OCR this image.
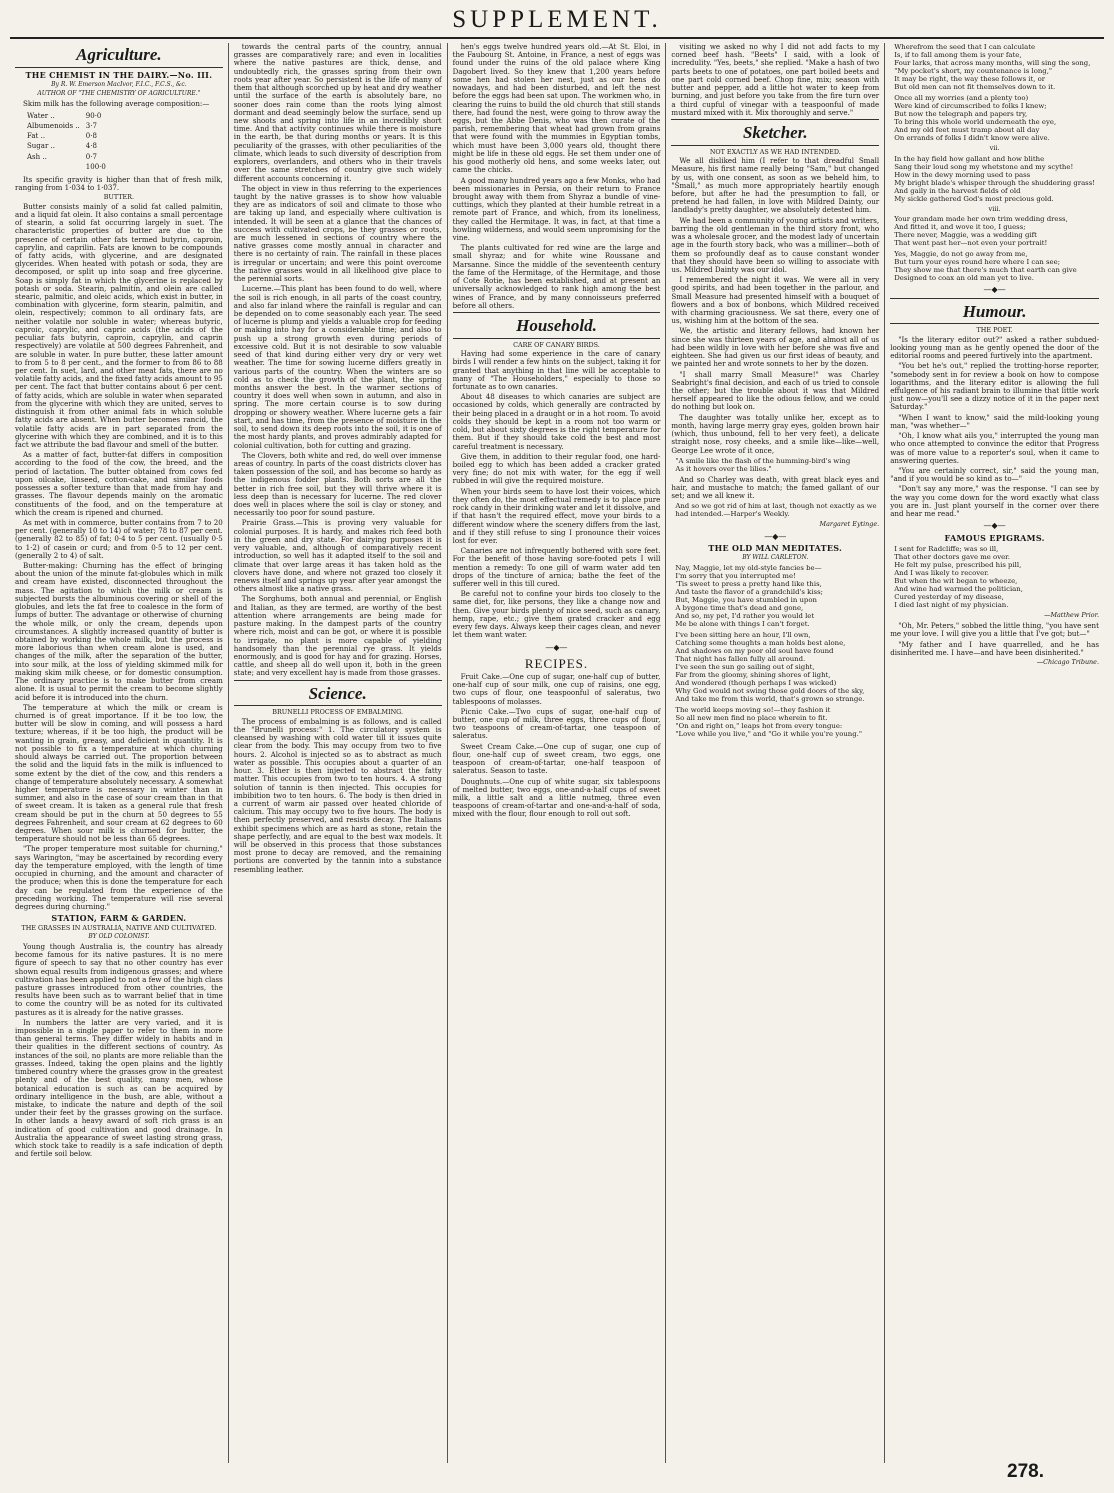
SUPPLEMENT.
Agriculture.
THE CHEMIST IN THE DAIRY.—No. III.
By R. W. Emerson MacIvor, F.I.C., F.C.S., &c.
AUTHOR OF "THE CHEMISTRY OF AGRICULTURE."

Skim milk has the following average composition:—

Water ..	90·0
Albumenoids ..	3·7
Fat ..	0·8
Sugar ..	4·8
Ash ..	0·7
	100·0

Its specific gravity is higher than that of fresh milk, ranging from 1·034 to 1·037.

BUTTER.

Butter consists mainly of a solid fat called palmitin, and a liquid fat olein. It also contains a small percentage of stearin, a solid fat occurring largely in suet. The characteristic properties of butter are due to the presence of certain other fats termed butyrin, caproin, caprylin, and caprilin. Fats are known to be compounds of fatty acids, with glycerine, and are designated glycerides. When heated with potash or soda, they are decomposed, or split up into soap and free glycerine. Soap is simply fat in which the glycerine is replaced by potash or soda. Stearin, palmitin, and olein are called stearic, palmitic, and oleic acids, which exist in butter, in combination with glycerine, form stearin, palmitin, and olein, respectively; common to all ordinary fats, are neither volatile nor soluble in water; whereas butyric, caproic, caprylic, and capric acids (the acids of the peculiar fats butyrin, caproin, caprylin, and caprin respectively) are volatile at 500 degrees Fahrenheit, and are soluble in water. In pure butter, these latter amount to from 5 to 8 per cent., and the former to from 86 to 88 per cent. In suet, lard, and other meat fats, there are no volatile fatty acids, and the fixed fatty acids amount to 95 per cent. The fact that butter contains about 6 per cent. of fatty acids, which are soluble in water when separated from the glycerine with which they are united, serves to distinguish it from other animal fats in which soluble fatty acids are absent. When butter becomes rancid, the volatile fatty acids are in part separated from the glycerine with which they are combined, and it is to this fact we attribute the bad flavour and smell of the butter.

As a matter of fact, butter-fat differs in composition according to the food of the cow, the breed, and the period of lactation. The butter obtained from cows fed upon oilcake, linseed, cotton-cake, and similar foods possesses a softer texture than that made from hay and grasses. The flavour depends mainly on the aromatic constituents of the food, and on the temperature at which the cream is ripened and churned.

As met with in commerce, butter contains from 7 to 20 per cent. (generally 10 to 14) of water; 78 to 87 per cent. (generally 82 to 85) of fat; 0·4 to 5 per cent. (usually 0·5 to 1·2) of casein or curd; and from 0·5 to 12 per cent. (generally 2 to 4) of salt.

Butter-making: Churning has the effect of bringing about the union of the minute fat-globules which in milk and cream have existed, disconnected throughout the mass. The agitation to which the milk or cream is subjected bursts the albuminous covering or shell of the globules, and lets the fat free to coalesce in the form of lumps of butter. The advantage or otherwise of churning the whole milk, or only the cream, depends upon circumstances. A slightly increased quantity of butter is obtained by working the whole milk, but the process is more laborious than when cream alone is used, and changes of the milk, after the separation of the butter, into sour milk, at the loss of yielding skimmed milk for making skim milk cheese, or for domestic consumption. The ordinary practice is to make butter from cream alone. It is usual to permit the cream to become slightly acid before it is introduced into the churn.

The temperature at which the milk or cream is churned is of great importance. If it be too low, the butter will be slow in coming, and will possess a hard texture; whereas, if it be too high, the product will be wanting in grain, greasy, and deficient in quantity. It is not possible to fix a temperature at which churning should always be carried out. The proportion between the solid and the liquid fats in the milk is influenced to some extent by the diet of the cow, and this renders a change of temperature absolutely necessary. A somewhat higher temperature is necessary in winter than in summer, and also in the case of sour cream than in that of sweet cream. It is taken as a general rule that fresh cream should be put in the churn at 50 degrees to 55 degrees Fahrenheit, and sour cream at 62 degrees to 60 degrees. When sour milk is churned for butter, the temperature should not be less than 65 degrees.

"The proper temperature most suitable for churning," says Warington, "may be ascertained by recording every day the temperature employed, with the length of time occupied in churning, and the amount and character of the produce; when this is done the temperature for each day can be regulated from the experience of the preceding working. The temperature will rise several degrees during churning."

STATION, FARM & GARDEN.
THE GRASSES IN AUSTRALIA, NATIVE AND CULTIVATED.
BY OLD COLONIST.

Young though Australia is, the country has already become famous for its native pastures. It is no mere figure of speech to say that no other country has ever shown equal results from indigenous grasses; and where cultivation has been applied to not a few of the high class pasture grasses introduced from other countries, the results have been such as to warrant belief that in time to come the country will be as noted for its cultivated pastures as it is already for the native grasses.

In numbers the latter are very varied, and it is impossible in a single paper to refer to them in more than general terms. They differ widely in habits and in their qualities in the different sections of country. As instances of the soil, no plants are more reliable than the grasses. Indeed, taking the open plains and the lightly timbered country where the grasses grow in the greatest plenty and of the best quality, many men, whose botanical education is such as can be acquired by ordinary intelligence in the bush, are able, without a mistake, to indicate the nature and depth of the soil under their feet by the grasses growing on the surface. In other lands a heavy award of soft rich grass is an indication of good cultivation and good drainage. In Australia the appearance of sweet lasting strong grass, which stock take to readily is a safe indication of depth and fertile soil below.

towards the central parts of the country, annual grasses are comparatively rare; and even in localities where the native pastures are thick, dense, and undoubtedly rich, the grasses spring from their own roots year after year. So persistent is the life of many of them that although scorched up by heat and dry weather until the surface of the earth is absolutely bare, no sooner does rain come than the roots lying almost dormant and dead seemingly below the surface, send up new shoots and spring into life in an incredibly short time. And that activity continues while there is moisture in the earth, be that during months or years. It is this peculiarity of the grasses, with other peculiarities of the climate, which leads to such diversity of description from explorers, overlanders, and others who in their travels over the same stretches of country give such widely different accounts concerning it.

The object in view in thus referring to the experiences taught by the native grasses is to show how valuable they are as indicators of soil and climate to those who are taking up land, and especially where cultivation is intended. It will be seen at a glance that the chances of success with cultivated crops, be they grasses or roots, are much lessened in sections of country where the native grasses come mostly annual in character and there is no certainty of rain. The rainfall in these places is irregular or uncertain; and were this point overcome the native grasses would in all likelihood give place to the perennial sorts.

Lucerne.—This plant has been found to do well, where the soil is rich enough, in all parts of the coast country, and also far inland where the rainfall is regular and can be depended on to come seasonably each year. The seed of lucerne is plump and yields a valuable crop for feeding or making into hay for a considerable time; and also to push up a strong growth even during periods of excessive cold. But it is not desirable to sow valuable seed of that kind during either very dry or very wet weather. The time for sowing lucerne differs greatly in various parts of the country. When the winters are so cold as to check the growth of the plant, the spring months answer the best. In the warmer sections of country it does well when sown in autumn, and also in spring. The more certain course is to sow during dropping or showery weather. Where lucerne gets a fair start, and has time, from the presence of moisture in the soil, to send down its deep roots into the soil, it is one of the most hardy plants, and proves admirably adapted for colonial cultivation, both for cutting and grazing.

The Clovers, both white and red, do well over immense areas of country. In parts of the coast districts clover has taken possession of the soil, and has become so hardy as the indigenous fodder plants. Both sorts are all the better in rich free soil, but they will thrive where it is less deep than is necessary for lucerne. The red clover does well in places where the soil is clay or stoney, and necessarily too poor for sound pasture.

Prairie Grass.—This is proving very valuable for colonial purposes. It is hardy, and makes rich feed both in the green and dry state. For dairying purposes it is very valuable, and, although of comparatively recent introduction, so well has it adapted itself to the soil and climate that over large areas it has taken hold as the clovers have done, and where not grazed too closely it renews itself and springs up year after year amongst the others almost like a native grass.

The Sorghums, both annual and perennial, or English and Italian, as they are termed, are worthy of the best attention where arrangements are being made for pasture making. In the dampest parts of the country where rich, moist and can be got, or where it is possible to irrigate, no plant is more capable of yielding handsomely than the perennial rye grass. It yields enormously, and is good for hay and for grazing. Horses, cattle, and sheep all do well upon it, both in the green state; and very excellent hay is made from those grasses.

Science.
BRUNELLI PROCESS OF EMBALMING.

The process of embalming is as follows, and is called the "Brunelli process:" 1. The circulatory system is cleansed by washing with cold water till it issues quite clear from the body. This may occupy from two to five hours. 2. Alcohol is injected so as to abstract as much water as possible. This occupies about a quarter of an hour. 3. Ether is then injected to abstract the fatty matter. This occupies from two to ten hours. 4. A strong solution of tannin is then injected. This occupies for imbibition two to ten hours. 6. The body is then dried in a current of warm air passed over heated chloride of calcium. This may occupy two to five hours. The body is then perfectly preserved, and resists decay. The Italians exhibit specimens which are as hard as stone, retain the shape perfectly, and are equal to the best wax models. It will be observed in this process that those substances most prone to decay are removed, and the remaining portions are converted by the tannin into a substance resembling leather.

hen's eggs twelve hundred years old.—At St. Eloi, in the Faubourg St. Antoine, in France, a nest of eggs was found under the ruins of the old palace where King Dagobert lived. So they knew that 1,200 years before some hen had stolen her nest, just as our hens do nowadays, and had been disturbed, and left the nest before the eggs had been sat upon. The workmen who, in clearing the ruins to build the old church that still stands there, had found the nest, were going to throw away the eggs, but the Abbe Denis, who was then curate of the parish, remembering that wheat had grown from grains that were found with the mummies in Egyptian tombs, which must have been 3,000 years old, thought there might be life in these old eggs. He set them under one of his good motherly old hens, and some weeks later, out came the chicks.

A good many hundred years ago a few Monks, who had been missionaries in Persia, on their return to France brought away with them from Shyraz a bundle of vine-cuttings, which they planted at their humble retreat in a remote part of France, and which, from its loneliness, they called the Hermitage. It was, in fact, at that time a howling wilderness, and would seem unpromising for the vine.

The plants cultivated for red wine are the large and small shyraz; and for white wine Roussane and Marsanne. Since the middle of the seventeenth century the fame of the Hermitage, of the Hermitage, and those of Cote Rotie, has been established, and at present an universally acknowledged to rank high among the best wines of France, and by many connoisseurs preferred before all others.

Household.
CARE OF CANARY BIRDS.

Having had some experience in the care of canary birds I will render a few hints on the subject, taking it for granted that anything in that line will be acceptable to many of "The Householders," especially to those so fortunate as to own canaries.

About 48 diseases to which canaries are subject are occasioned by colds, which generally are contracted by their being placed in a draught or in a hot room. To avoid colds they should be kept in a room not too warm or cold, but about sixty degrees is the right temperature for them. But if they should take cold the best and most careful treatment is necessary.

Give them, in addition to their regular food, one hard-boiled egg to which has been added a cracker grated very fine; do not mix with water, for the egg if well rubbed in will give the required moisture.

When your birds seem to have lost their voices, which they often do, the most effectual remedy is to place pure rock candy in their drinking water and let it dissolve, and if that hasn't the required effect, move your birds to a different window where the scenery differs from the last, and if they still refuse to sing I pronounce their voices lost for ever.

Canaries are not infrequently bothered with sore feet. For the benefit of those having sore-footed pets I will mention a remedy: To one gill of warm water add ten drops of the tincture of arnica; bathe the feet of the sufferer well in this till cured.

Be careful not to confine your birds too closely to the same diet, for, like persons, they like a change now and then. Give your birds plenty of nice seed, such as canary, hemp, rape, etc.; give them grated cracker and egg every few days. Always keep their cages clean, and never let them want water.

—◆—
RECIPES.

Fruit Cake.—One cup of sugar, one-half cup of butter, one-half cup of sour milk, one cup of raisins, one egg, two cups of flour, one teaspoonful of saleratus, two tablespoons of molasses.

Picnic Cake.—Two cups of sugar, one-half cup of butter, one cup of milk, three eggs, three cups of flour, two teaspoons of cream-of-tartar, one teaspoon of saleratus.

Sweet Cream Cake.—One cup of sugar, one cup of flour, one-half cup of sweet cream, two eggs, one teaspoon of cream-of-tartar, one-half teaspoon of saleratus. Season to taste.

Doughnuts.—One cup of white sugar, six tablespoons of melted butter, two eggs, one-and-a-half cups of sweet milk, a little salt and a little nutmeg, three even teaspoons of cream-of-tartar and one-and-a-half of soda, mixed with the flour, flour enough to roll out soft.

visiting we asked no why I did not add facts to my corned beef hash. "Beets" I said, with a look of incredulity. "Yes, beets," she replied. "Make a hash of two parts beets to one of potatoes, one part boiled beets and one part cold corned beef. Chop fine, mix; season with butter and pepper, add a little hot water to keep from burning, and just before you take from the fire turn over a third cupful of vinegar with a teaspoonful of made mustard mixed with it. Mix thoroughly and serve."

Sketcher.
NOT EXACTLY AS WE HAD INTENDED.

We all disliked him (I refer to that dreadful Small Measure, his first name really being "Sam," but changed by us, with one consent, as soon as we beheld him, to "Small," as much more appropriately heartily enough before, but after he had the presumption to fall, or pretend he had fallen, in love with Mildred Dainty, our landlady's pretty daughter, we absolutely detested him.

We had been a community of young artists and writers, barring the old gentleman in the third story front, who was a wholesale grocer, and the modest lady of uncertain age in the fourth story back, who was a milliner—both of them so profoundly deaf as to cause constant wonder that they should have been so willing to associate with us. Mildred Dainty was our idol.

I remembered the night it was. We were all in very good spirits, and had been together in the parlour, and Small Measure had presented himself with a bouquet of flowers and a box of bonbons, which Mildred received with charming graciousness. We sat there, every one of us, wishing him at the bottom of the sea.

We, the artistic and literary fellows, had known her since she was thirteen years of age, and almost all of us had been wildly in love with her before she was five and eighteen. She had given us our first ideas of beauty, and we painted her and wrote sonnets to her by the dozen.

"I shall marry Small Measure!" was Charley Seabright's final decision, and each of us tried to console the other; but the trouble about it was that Mildred herself appeared to like the odious fellow, and we could do nothing but look on.

The daughter was totally unlike her, except as to month, having large merry gray eyes, golden brown hair (which, thus unbound, fell to her very feet), a delicate straight nose, rosy cheeks, and a smile like—like—well, George Lee wrote of it once,

"A smile like the flash of the humming-bird's wing
As it hovers over the lilies."

And so Charley was death, with great black eyes and hair, and mustache to match; the famed gallant of our set; and we all knew it.

And so we got rid of him at last, though not exactly as we had intended.—Harper's Weekly.
Margaret Eytinge.
—◆—
THE OLD MAN MEDITATES.
BY WILL CARLETON.
Nay, Maggie, let my old-style fancies be—
I'm sorry that you interrupted me!
'Tis sweet to press a pretty hand like this,
And taste the flavor of a grandchild's kiss;
But, Maggie, you have stumbled in upon
A bygone time that's dead and gone,
And so, my pet, I'd rather you would let
Me be alone with things I can't forget.
I've been sitting here an hour, I'll own,
Catching some thoughts a man holds best alone,
And shadows on my poor old soul have found
That night has fallen fully all around.
I've seen the sun go sailing out of sight,
Far from the gloomy, shining shores of light,
And wondered (though perhaps I was wicked)
Why God would not swing those gold doors of the sky,
And take me from this world, that's grown so strange.
The world keeps moving so!—they fashion it
So all new men find no place wherein to fit.
"On and right on," leaps hot from every tongue:
"Love while you live," and "Go it while you're young."
Wherefrom the seed that I can calculate
Is, if to fall among them is your fate,
Four larks, that across many months, will sing the song,
"My pocket's short, my countenance is long,"
It may be right, the way these follows it, or
But old men can not fit themselves down to it.
Once all my worries (and a plenty too)
Were kind of circumscribed to folks I knew;
But now the telegraph and papers try,
To bring this whole world underneath the eye,
And my old feet must tramp about all day
On errands of folks I didn't know were alive.
vii.
In the hay field how gallant and how blithe
Sang their loud song my whetstone and my scythe!
How in the dewy morning used to pass
My bright blade's whisper through the shuddering grass!
And gaily in the harvest fields of old
My sickle gathered God's most precious gold.
viii.
Your grandam made her own trim wedding dress,
And fitted it, and wove it too, I guess;
There never, Maggie, was a wedding gift
That went past her—not even your portrait!
Yes, Maggie, do not go away from me,
But turn your eyes round here where I can see;
They show me that there's much that earth can give
Designed to coax an old man yet to live.
—◆—
Humour.
THE POET.

"Is the literary editor out?" asked a rather subdued-looking young man as he gently opened the door of the editorial rooms and peered furtively into the apartment.

"You bet he's out," replied the trotting-horse reporter, "somebody sent in for review a book on how to compose logarithms, and the literary editor is allowing the full effulgence of his radiant brain to illumine that little work just now—you'll see a dizzy notice of it in the paper next Saturday."

"When I want to know," said the mild-looking young man, "was whether—"

"Oh, I know what ails you," interrupted the young man who once attempted to convince the editor that Progress was of more value to a reporter's soul, when it came to answering queries.

"You are certainly correct, sir," said the young man, "and if you would be so kind as to—"

"Don't say any more," was the response. "I can see by the way you come down for the word exactly what class you are in. Just plant yourself in the corner over there and hear me read."

—◆—
FAMOUS EPIGRAMS.
I sent for Radcliffe; was so ill,
That other doctors gave me over.
He felt my pulse, prescribed his pill,
And I was likely to recover.
But when the wit began to wheeze,
And wine had warmed the politician,
Cured yesterday of my disease,
I died last night of my physician.
—Matthew Prior.

"Oh, Mr. Peters," sobbed the little thing, "you have sent me your love. I will give you a little that I've got; but—"

"My father and I have quarrelled, and he has disinherited me. I have—and have been disinherited."

—Chicago Tribune.
278.
